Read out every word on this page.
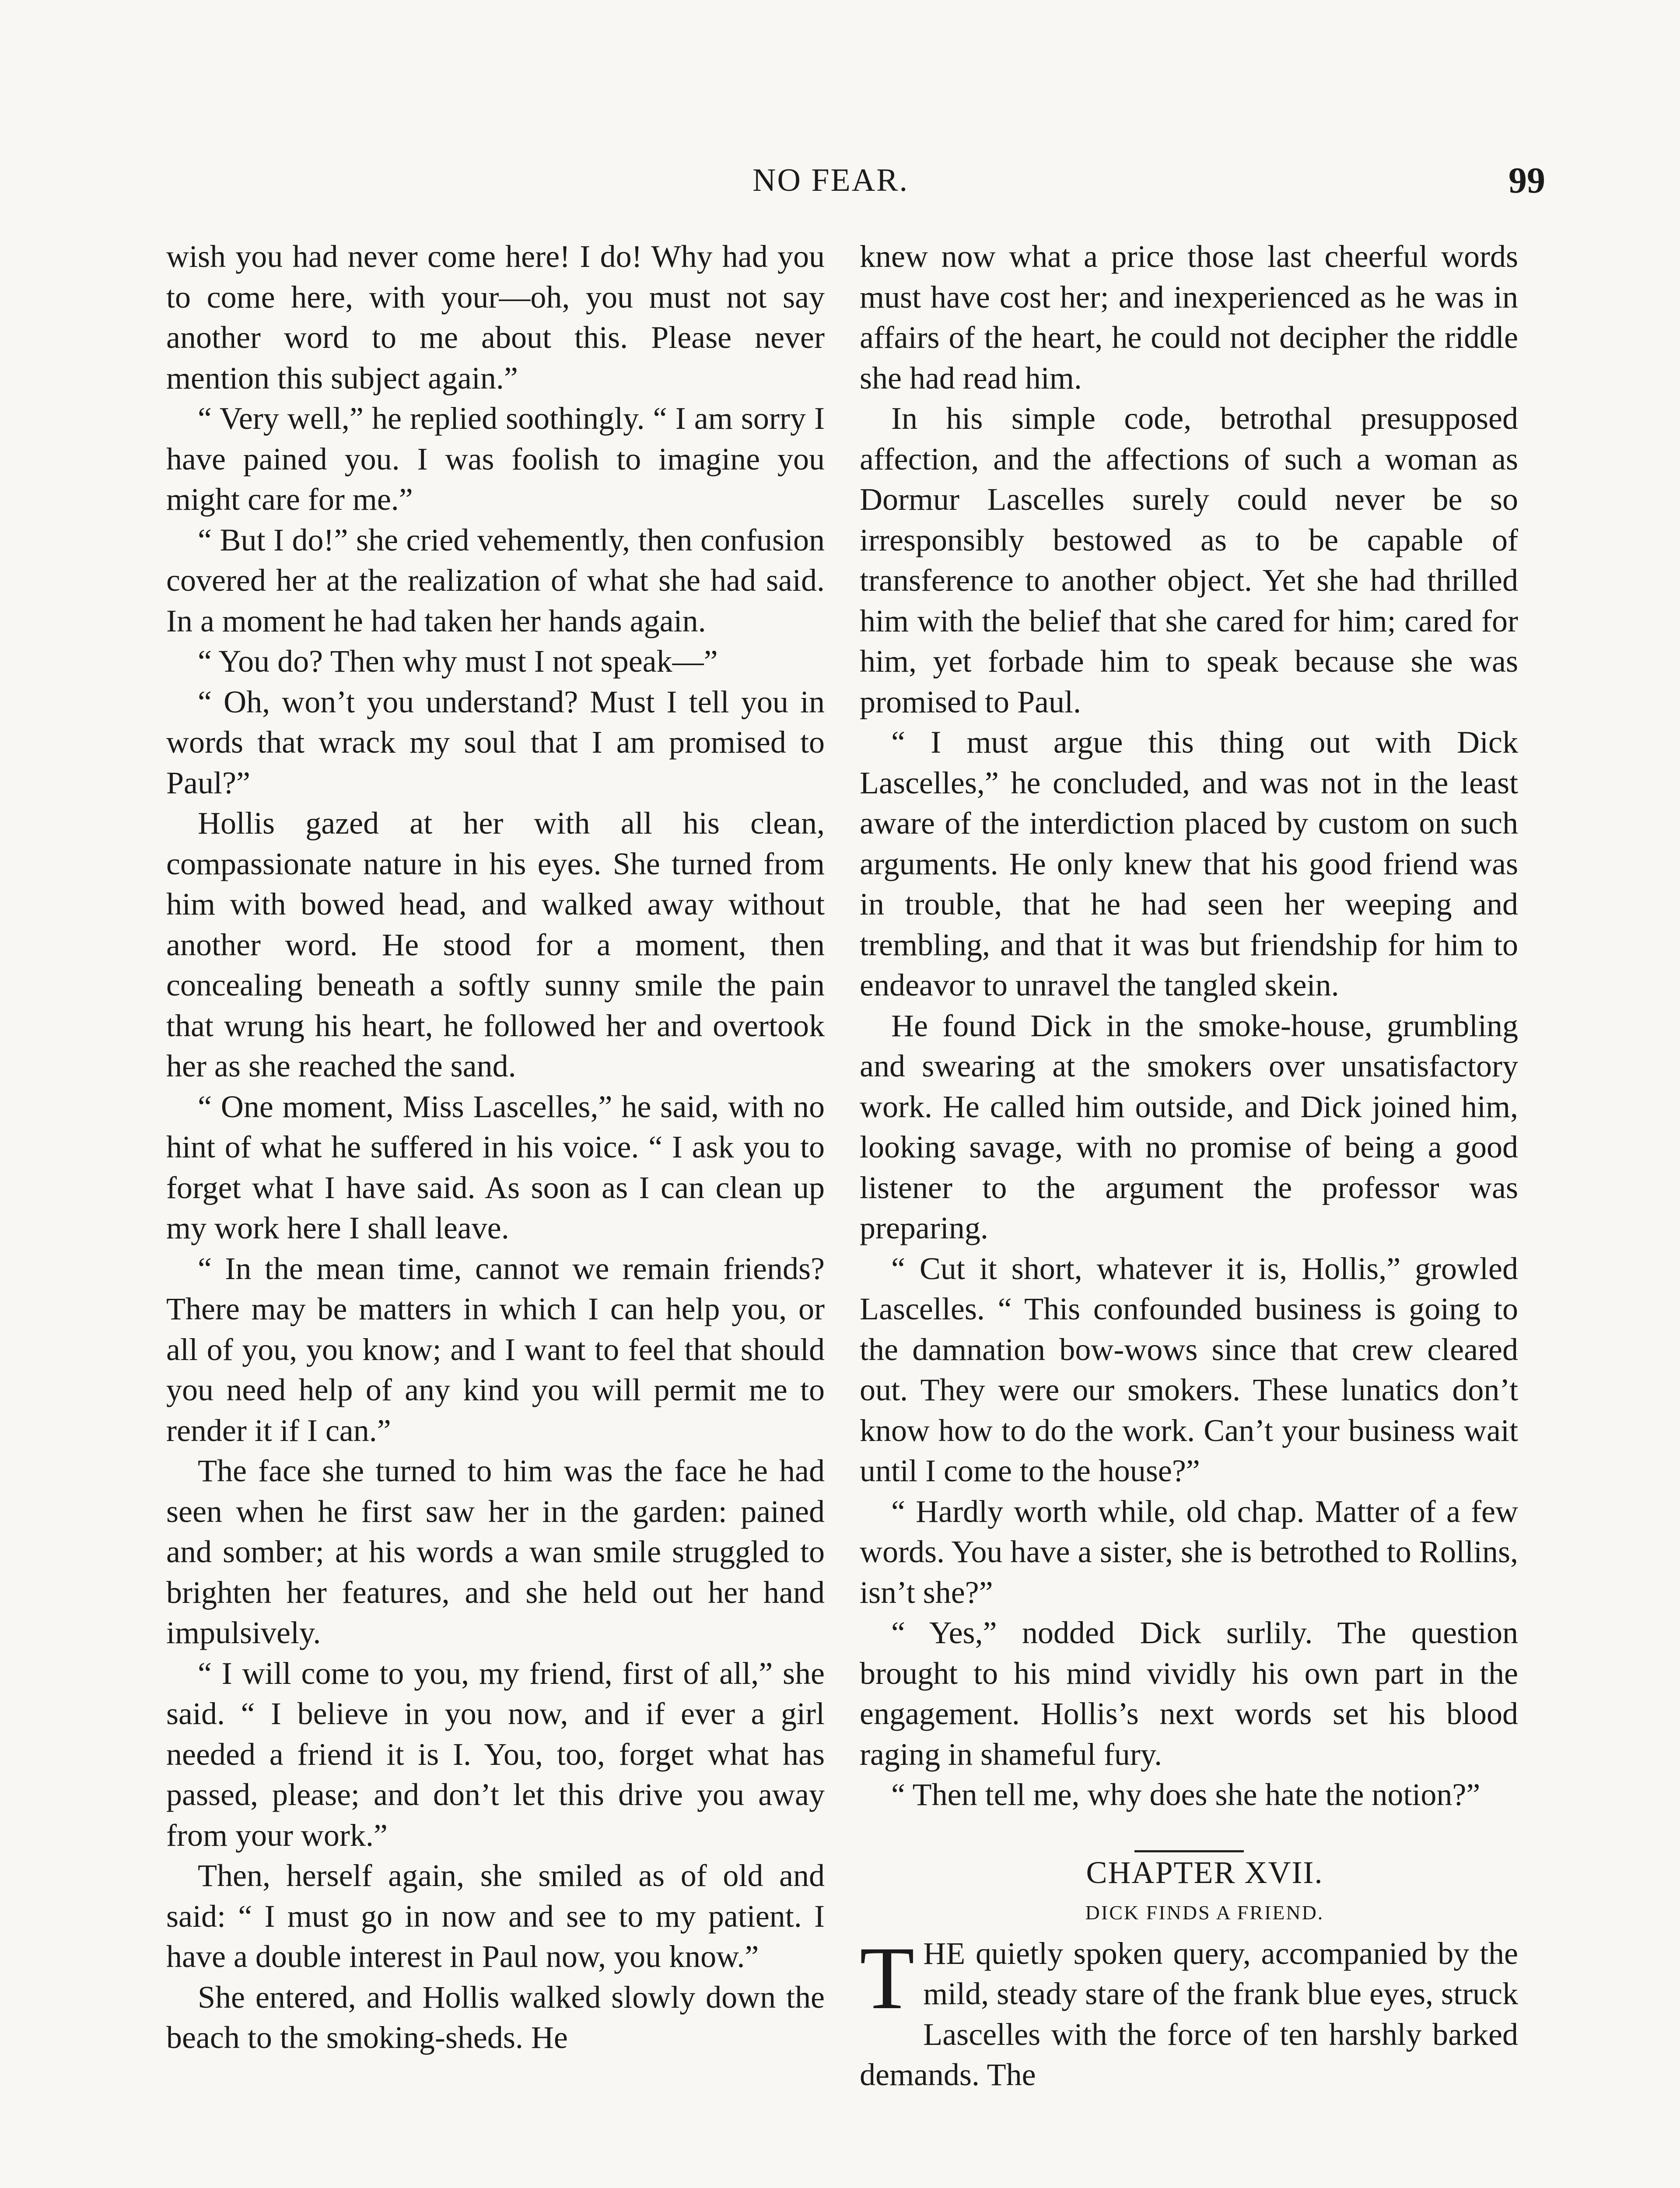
NO FEAR.	99

wish you had never come here! I do! Why had you to come here, with your—oh, you must not say another word to me about this. Please never mention this subject again.”

“ Very well,” he replied soothingly. “ I am sorry I have pained you. I was foolish to imagine you might care for me.”

“ But I do!” she cried vehemently, then confusion covered her at the realization of what she had said. In a moment he had taken her hands again.

“ You do? Then why must I not speak—”

“ Oh, won’t you understand? Must I tell you in words that wrack my soul that I am promised to Paul?”

Hollis gazed at her with all his clean, compassionate nature in his eyes. She turned from him with bowed head, and walked away without another word. He stood for a moment, then concealing beneath a softly sunny smile the pain that wrung his heart, he followed her and overtook her as she reached the sand.

“ One moment, Miss Lascelles,” he said, with no hint of what he suffered in his voice. “ I ask you to forget what I have said. As soon as I can clean up my work here I shall leave.

“ In the mean time, cannot we remain friends? There may be matters in which I can help you, or all of you, you know; and I want to feel that should you need help of any kind you will permit me to render it if I can.”

The face she turned to him was the face he had seen when he first saw her in the garden: pained and somber; at his words a wan smile struggled to brighten her features, and she held out her hand impulsively.

“ I will come to you, my friend, first of all,” she said. “ I believe in you now, and if ever a girl needed a friend it is I. You, too, forget what has passed, please; and don’t let this drive you away from your work.”

Then, herself again, she smiled as of old and said: “ I must go in now and see to my patient. I have a double interest in Paul now, you know.”

She entered, and Hollis walked slowly down the beach to the smoking-sheds. He

knew now what a price those last cheerful words must have cost her; and inexperienced as he was in affairs of the heart, he could not decipher the riddle she had read him.

In his simple code, betrothal presupposed affection, and the affections of such a woman as Dormur Lascelles surely could never be so irresponsibly bestowed as to be capable of transference to another object. Yet she had thrilled him with the belief that she cared for him; cared for him, yet forbade him to speak because she was promised to Paul.

“ I must argue this thing out with Dick Lascelles,” he concluded, and was not in the least aware of the interdiction placed by custom on such arguments. He only knew that his good friend was in trouble, that he had seen her weeping and trembling, and that it was but friendship for him to endeavor to unravel the tangled skein.

He found Dick in the smoke-house, grumbling and swearing at the smokers over unsatisfactory work. He called him outside, and Dick joined him, looking savage, with no promise of being a good listener to the argument the professor was preparing.

“ Cut it short, whatever it is, Hollis,” growled Lascelles. “ This confounded business is going to the damnation bow-wows since that crew cleared out. They were our smokers. These lunatics don’t know how to do the work. Can’t your business wait until I come to the house?”

“ Hardly worth while, old chap. Matter of a few words. You have a sister, she is betrothed to Rollins, isn’t she?”

“ Yes,” nodded Dick surlily. The question brought to his mind vividly his own part in the engagement. Hollis’s next words set his blood raging in shameful fury.

“ Then tell me, why does she hate the notion?”

CHAPTER XVII.

DICK FINDS A FRIEND.

THE quietly spoken query, accompanied by the mild, steady stare of the frank blue eyes, struck Lascelles with the force of ten harshly barked demands. The
